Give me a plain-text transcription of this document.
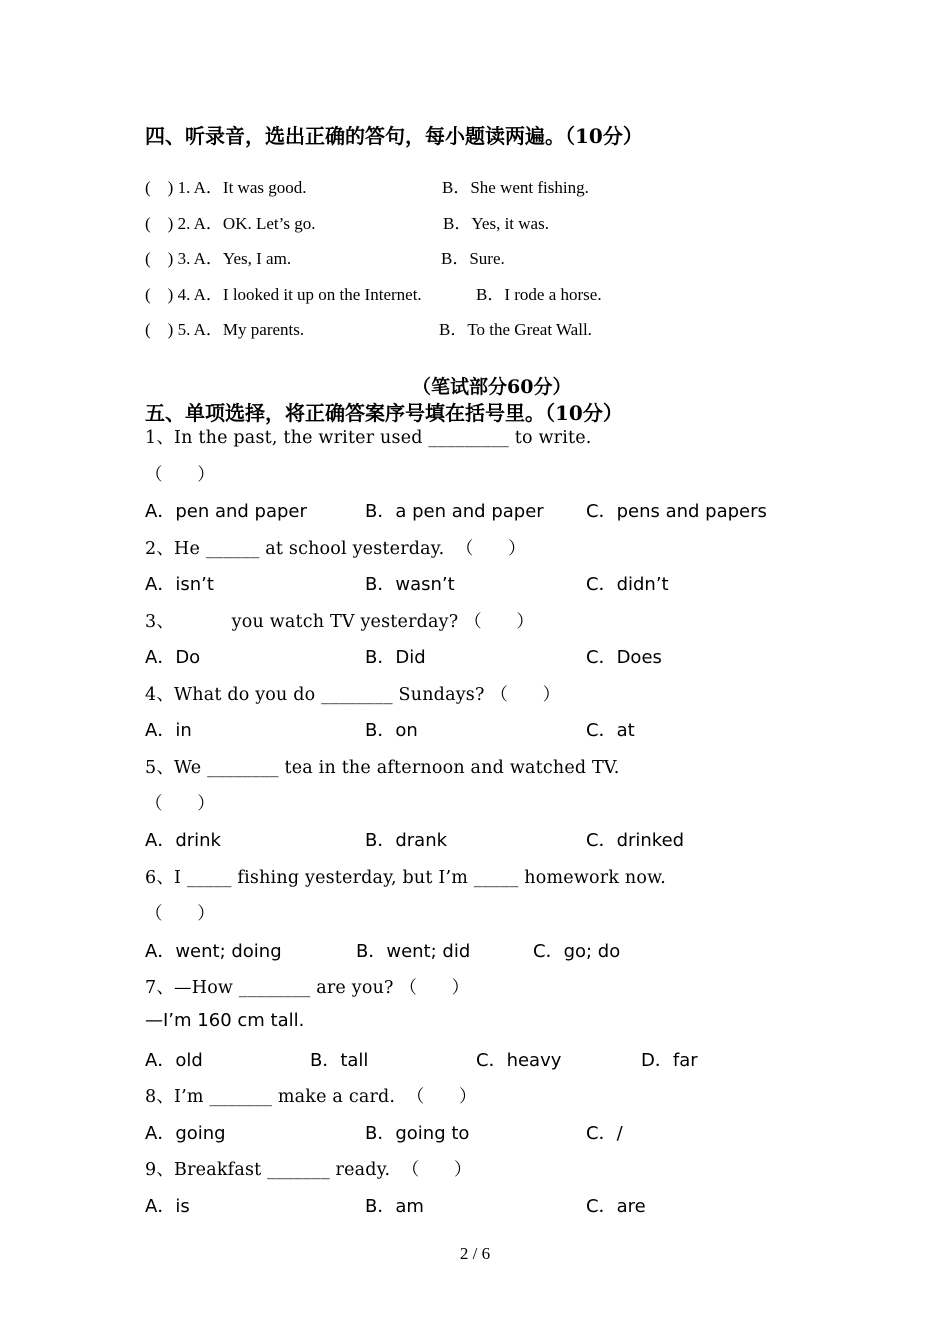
四、听录音，选出正确的答句，每小题读两遍。（10分）
(    ) 1. A．It was good.	B．She went fishing.
(    ) 2. A．OK. Let’s go.	B．Yes, it was.
(    ) 3. A．Yes, I am.	B．Sure.
(    ) 4. A．I looked it up on the Internet.	B．I rode a horse.
(    ) 5. A．My parents.	B．To the Great Wall.
（笔试部分60分）
五、单项选择，将正确答案序号填在括号里。（10分）
1、In the past, the writer used _________ to write.
（      ）
A．pen and paper	B．a pen and paper C．pens and papers
2、He ______ at school yesterday.  （      ）
A．isn’t	B．wasn’t	C．didn’t
3、          you watch TV yesterday? （      ）
A．Do	B．Did	C．Does
4、What do you do ________ Sundays? （      ）
A．in	B．on	C．at
5、We ________ tea in the afternoon and watched TV.
（      ）
A．drink	B．drank	C．drinked
6、I _____ fishing yesterday, but I’m _____ homework now.
（      ）
A．went; doing	B．went; did	C．go; do
7、—How ________ are you? （      ）
—I’m 160 cm tall.
A．old	B．tall	C．heavy	D．far
8、I’m _______ make a card.  （      ）
A．going	B．going to	C．/
9、Breakfast _______ ready.  （      ）
A．is	B．am	C．are
2 / 6
